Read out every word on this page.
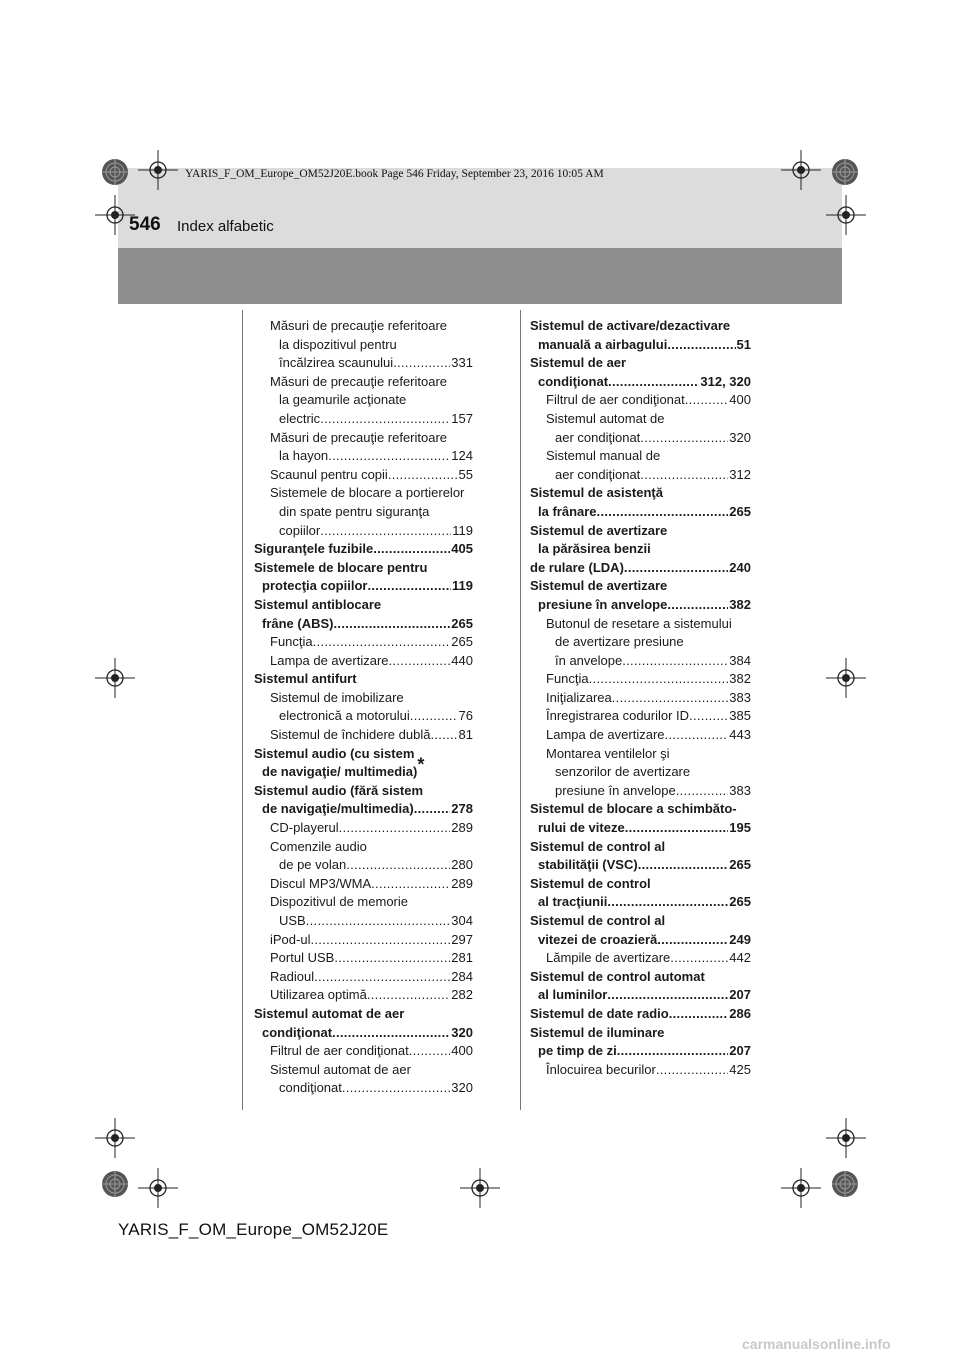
546 Index alfabetic
YARIS_F_OM_Europe_OM52J20E.book Page 546 Friday, September 23, 2016 10:05 AM
Măsuri de precauţie referitoare
la dispozitivul pentru
încălzirea scaunului .....	331
Măsuri de precauţie referitoare
la geamurile acţionate
electric .....	157
Măsuri de precauţie referitoare
la hayon .....	124
Scaunul pentru copii .....	55
Sistemele de blocare a portierelor
din spate pentru siguranţa
copiilor .....	119
Siguranţele fuzibile .....	405
Sistemele de blocare pentru
protecţia copiilor .....	119
Sistemul antiblocare
frâne (ABS) .....	265
Funcţia .....	265
Lampa de avertizare .....	440
Sistemul antifurt
Sistemul de imobilizare
electronică a motorului .....	76
Sistemul de închidere dublă ..... 81
Sistemul audio (cu sistem
de navigaţie/ multimedia)*
Sistemul audio (fără sistem
de navigaţie/multimedia) .....	278
CD-playerul .....	289
Comenzile audio
de pe volan .....	280
Discul MP3/WMA .....	289
Dispozitivul de memorie
USB .....	304
iPod-ul .....	297
Portul USB .....	281
Radioul .....	284
Utilizarea optimă .....	282
Sistemul automat de aer
condiţionat .....	320
Filtrul de aer condiţionat .....	400
Sistemul automat de aer
condiţionat .....	320
Sistemul de activare/dezactivare
manuală a airbagului .....	51
Sistemul de aer
condiţionat .....	312, 320
Filtrul de aer condiţionat .....	400
Sistemul automat de
aer condiţionat .....	320
Sistemul manual de
aer condiţionat .....	312
Sistemul de asistenţă
la frânare .....	265
Sistemul de avertizare
la părăsirea benzii
de rulare (LDA) .....	240
Sistemul de avertizare
presiune în anvelope .....	382
Butonul de resetare a sistemului
de avertizare presiune
în anvelope .....	384
Funcţia .....	382
Iniţializarea .....	383
Înregistrarea codurilor ID .....	385
Lampa de avertizare .....	443
Montarea ventilelor şi
senzorilor de avertizare
presiune în anvelope .....	383
Sistemul de blocare a schimbăto-
rului de viteze .....	195
Sistemul de control al
stabilităţii (VSC) .....	265
Sistemul de control
al tracţiunii .....	265
Sistemul de control al
vitezei de croazieră .....	249
Lămpile de avertizare .....	442
Sistemul de control automat
al luminilor .....	207
Sistemul de date radio .....	286
Sistemul de iluminare
pe timp de zi .....	207
Înlocuirea becurilor .....	425
YARIS_F_OM_Europe_OM52J20E
carmanualsonline.info
